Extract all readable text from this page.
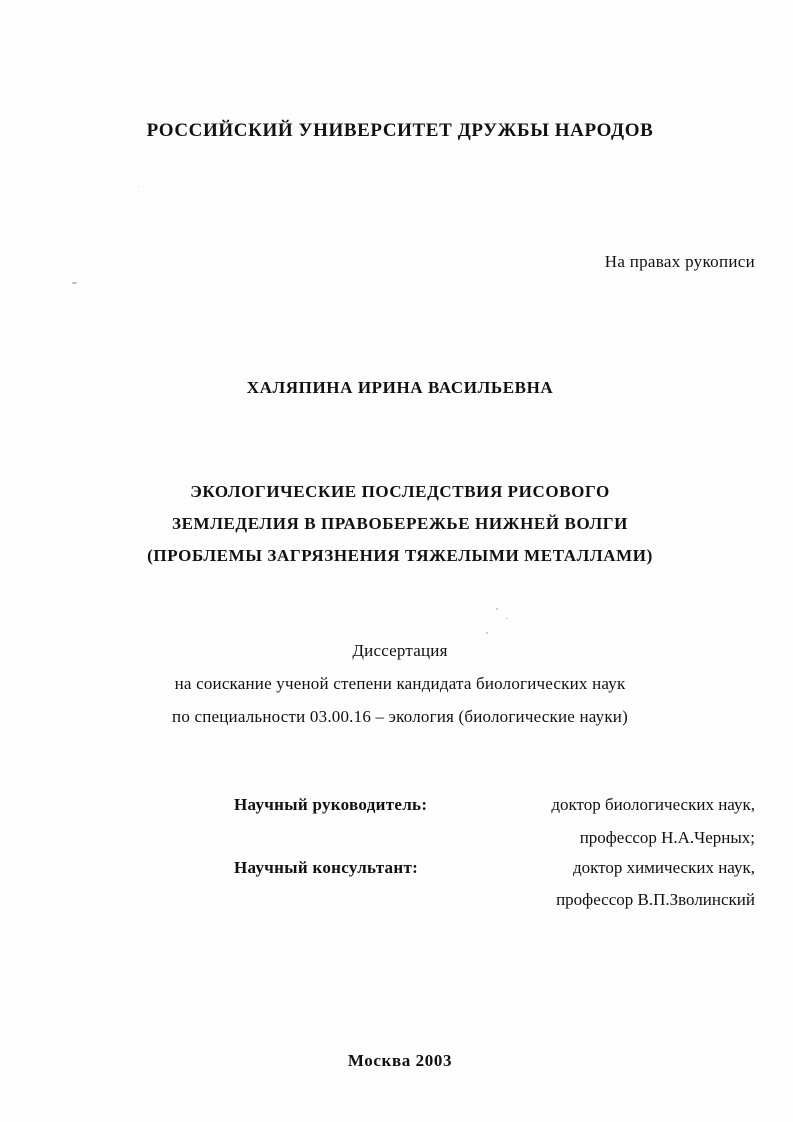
РОССИЙСКИЙ УНИВЕРСИТЕТ ДРУЖБЫ НАРОДОВ
На правах рукописи
ХАЛЯПИНА ИРИНА ВАСИЛЬЕВНА
ЭКОЛОГИЧЕСКИЕ ПОСЛЕДСТВИЯ РИСОВОГО
ЗЕМЛЕДЕЛИЯ В ПРАВОБЕРЕЖЬЕ НИЖНЕЙ ВОЛГИ
(ПРОБЛЕМЫ ЗАГРЯЗНЕНИЯ ТЯЖЕЛЫМИ МЕТАЛЛАМИ)
Диссертация
на соискание ученой степени кандидата биологических наук
по специальности 03.00.16 – экология (биологические науки)
Научный руководитель:	доктор биологических наук,
профессор Н.А.Черных;
Научный консультант:	доктор химических наук,
профессор В.П.Зволинский
Москва 2003
